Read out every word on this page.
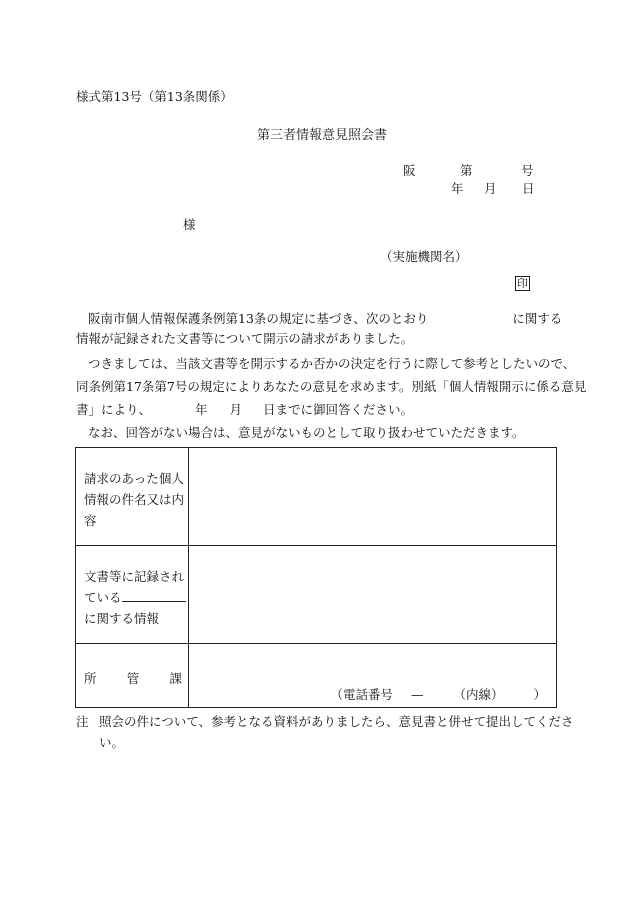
様式第13号（第13条関係）
第三者情報意見照会書
阪	第	号
年 月 日
様
（実施機関名）
印
阪南市個人情報保護条例第13条の規定に基づき、次のとおり	に関する
情報が記録された文書等について開示の請求がありました。
つきましては、当該文書等を開示するか否かの決定を行うに際して参考としたいので、
同条例第17条第7号の規定によりあなたの意見を求めます。別紙「個人情報開示に係る意見
書」により、	年 月 日までに御回答ください。
なお、回答がない場合は、意見がないものとして取り扱わせていただきます。
請求のあった個人情報の件名又は内容	

文書等に記録されている
に関する情報	

所 管 課	（電話番号 — （内線） ）
注 照会の件について、参考となる資料がありましたら、意見書と併せて提出してくださ
い。
